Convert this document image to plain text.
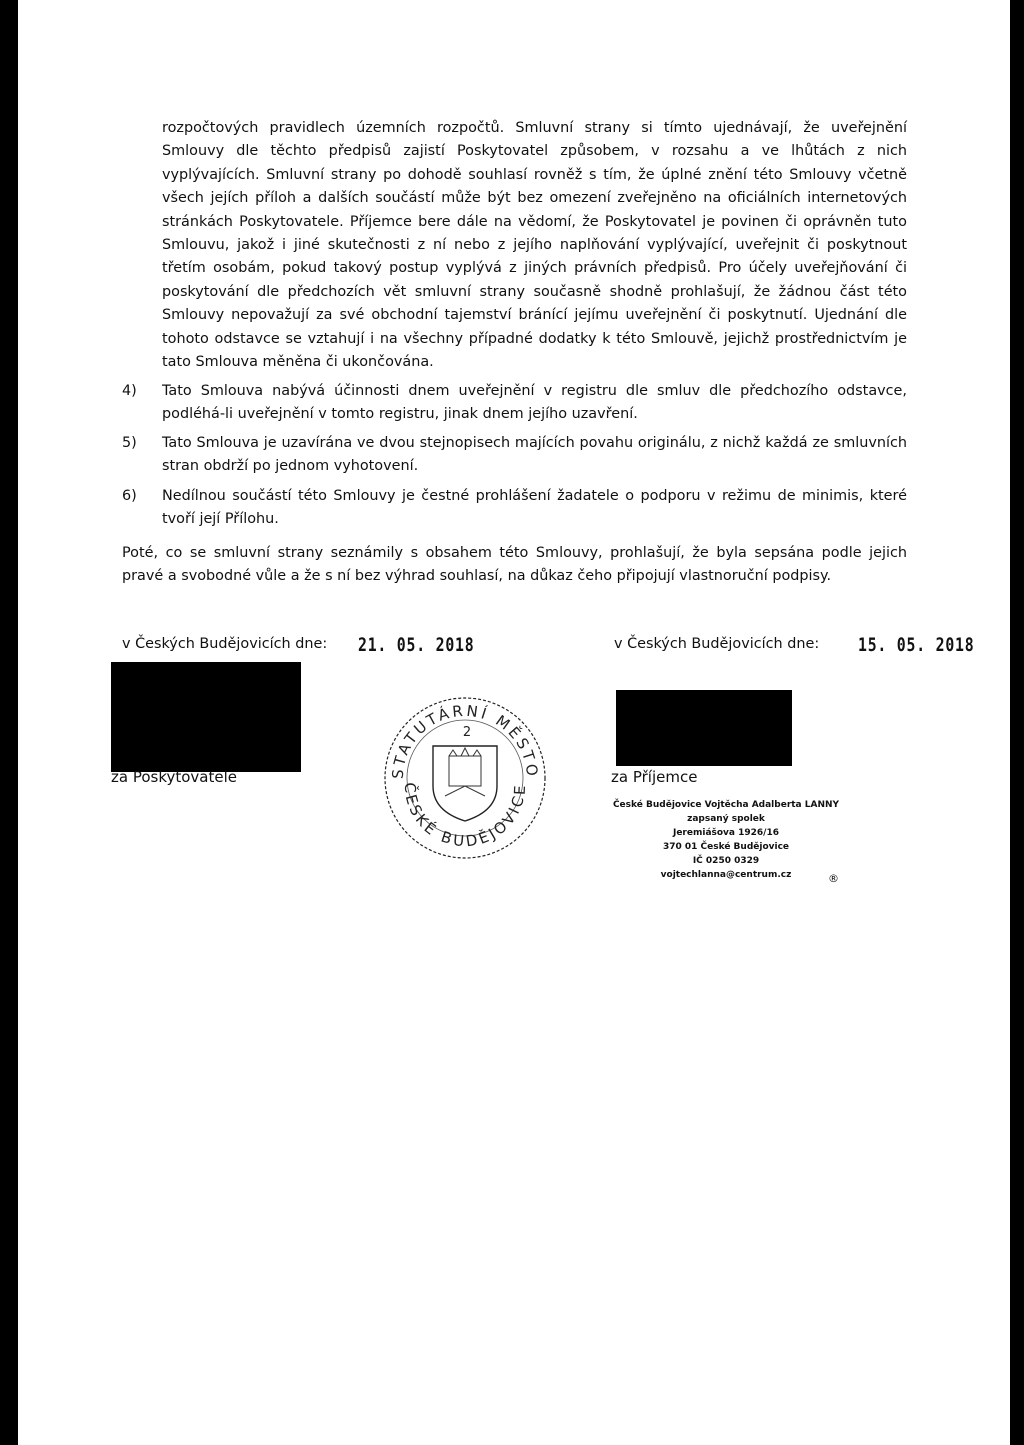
rozpočtových pravidlech územních rozpočtů. Smluvní strany si tímto ujednávají, že uveřejnění Smlouvy dle těchto předpisů zajistí Poskytovatel způsobem, v rozsahu a ve lhůtách z nich vyplývajících. Smluvní strany po dohodě souhlasí rovněž s tím, že úplné znění této Smlouvy včetně všech jejích příloh a dalších součástí může být bez omezení zveřejněno na oficiálních internetových stránkách Poskytovatele. Příjemce bere dále na vědomí, že Poskytovatel je povinen či oprávněn tuto Smlouvu, jakož i jiné skutečnosti z ní nebo z jejího naplňování vyplývající, uveřejnit či poskytnout třetím osobám, pokud takový postup vyplývá z jiných právních předpisů. Pro účely uveřejňování či poskytování dle předchozích vět smluvní strany současně shodně prohlašují, že žádnou část této Smlouvy nepovažují za své obchodní tajemství bránící jejímu uveřejnění či poskytnutí. Ujednání dle tohoto odstavce se vztahují i na všechny případné dodatky k této Smlouvě, jejichž prostřednictvím je tato Smlouva měněna či ukončována.

4) Tato Smlouva nabývá účinnosti dnem uveřejnění v registru dle smluv dle předchozího odstavce, podléhá-li uveřejnění v tomto registru, jinak dnem jejího uzavření.

5) Tato Smlouva je uzavírána ve dvou stejnopisech majících povahu originálu, z nichž každá ze smluvních stran obdrží po jednom vyhotovení.

6) Nedílnou součástí této Smlouvy je čestné prohlášení žadatele o podporu v režimu de minimis, které tvoří její Přílohu.

Poté, co se smluvní strany seznámily s obsahem této Smlouvy, prohlašují, že byla sepsána podle jejich pravé a svobodné vůle a že s ní bez výhrad souhlasí, na důkaz čeho připojují vlastnoruční podpisy.

v Českých Budějovicích dne: 21. 05. 2018
za Poskytovatele	STATUTÁRNÍ MĚSTO
ČESKÉ BUDĚJOVICE
2
v Českých Budějovicích dne: 15. 05. 2018
za Příjemce
České Budějovice Vojtěcha Adalberta LANNY
zapsaný spolek
Jeremiášova 1926/16
370 01 České Budějovice
IČ 0250 0329
vojtechlanna@centrum.cz	®
